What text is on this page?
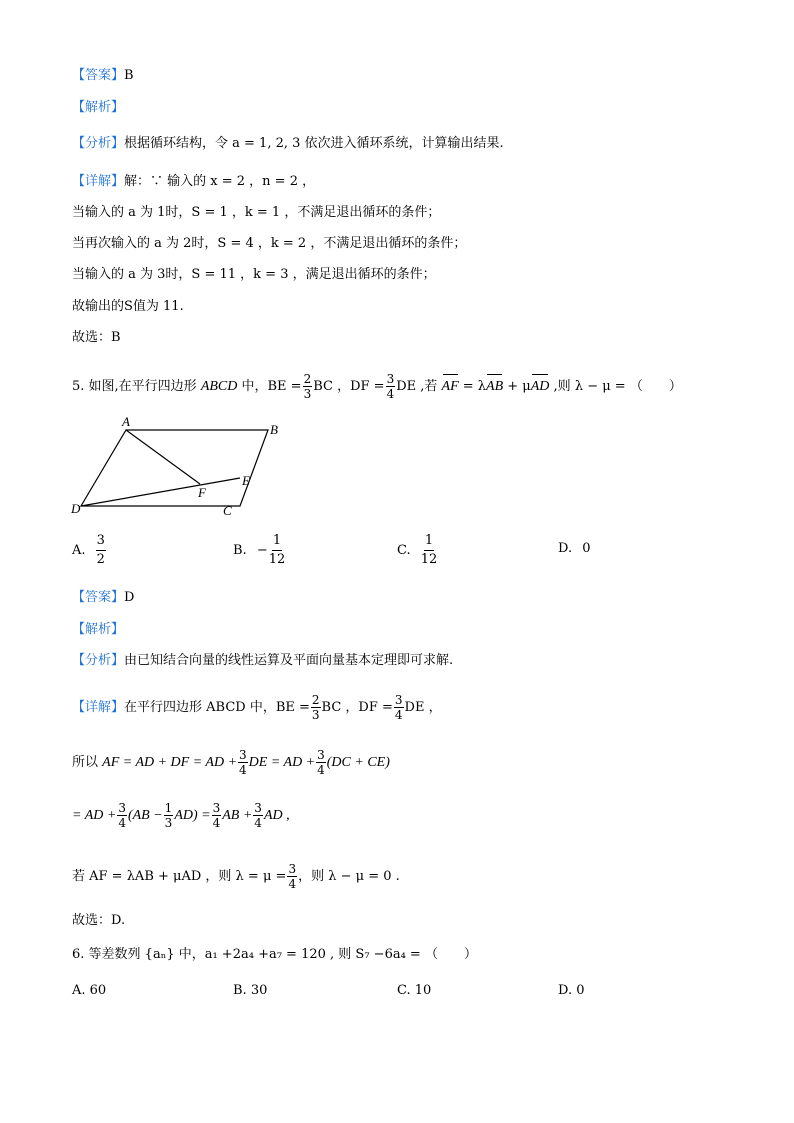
【答案】B
【解析】
【分析】根据循环结构，令 a = 1, 2, 3 依次进入循环系统，计算输出结果.
【详解】解：∵ 输入的 x = 2 ，n = 2 ，
当输入的 a 为 1时，S = 1 ，k = 1 ，不满足退出循环的条件；
当再次输入的 a 为 2时，S = 4 ，k = 2 ，不满足退出循环的条件；
当输入的 a 为 3时，S = 11 ，k = 3 ，满足退出循环的条件；
故输出的S值为 11.
故选：B
5. 如图,在平行四边形 ABCD 中，BE = $\frac{2}{3}$ BC ，DF = $\frac{3}{4}$ DE ,若 AF = λAB + μAD ,则 λ − μ = （　　）
A
B
C
D
E
F
A. $\frac{3}{2}$	B. − $\frac{1}{12}$	C. $\frac{1}{12}$	D. 0
【答案】D
【解析】
【分析】由已知结合向量的线性运算及平面向量基本定理即可求解.
【详解】在平行四边形 ABCD 中，BE = $\frac{2}{3}$ BC ，DF = $\frac{3}{4}$ DE ，
所以 AF = AD + DF = AD + $\frac{3}{4}$ DE = AD + $\frac{3}{4} (DC + CE)$
= AD + $\frac{3}{4} (AB - \frac{1}{3} AD) = \frac{3}{4}$ AB + $\frac{3}{4}$ AD ,
若 AF = λAB + μAD ，则 $\lambda = \mu = \frac{3}{4}$ ，则 λ − μ = 0 .
故选：D.
6. 等差数列 {aₙ} 中，a₁ +2a₄ +a₇ = 120 , 则 S₇ −6a₄ = （　　）
A. 60	B. 30	C. 10	D. 0
